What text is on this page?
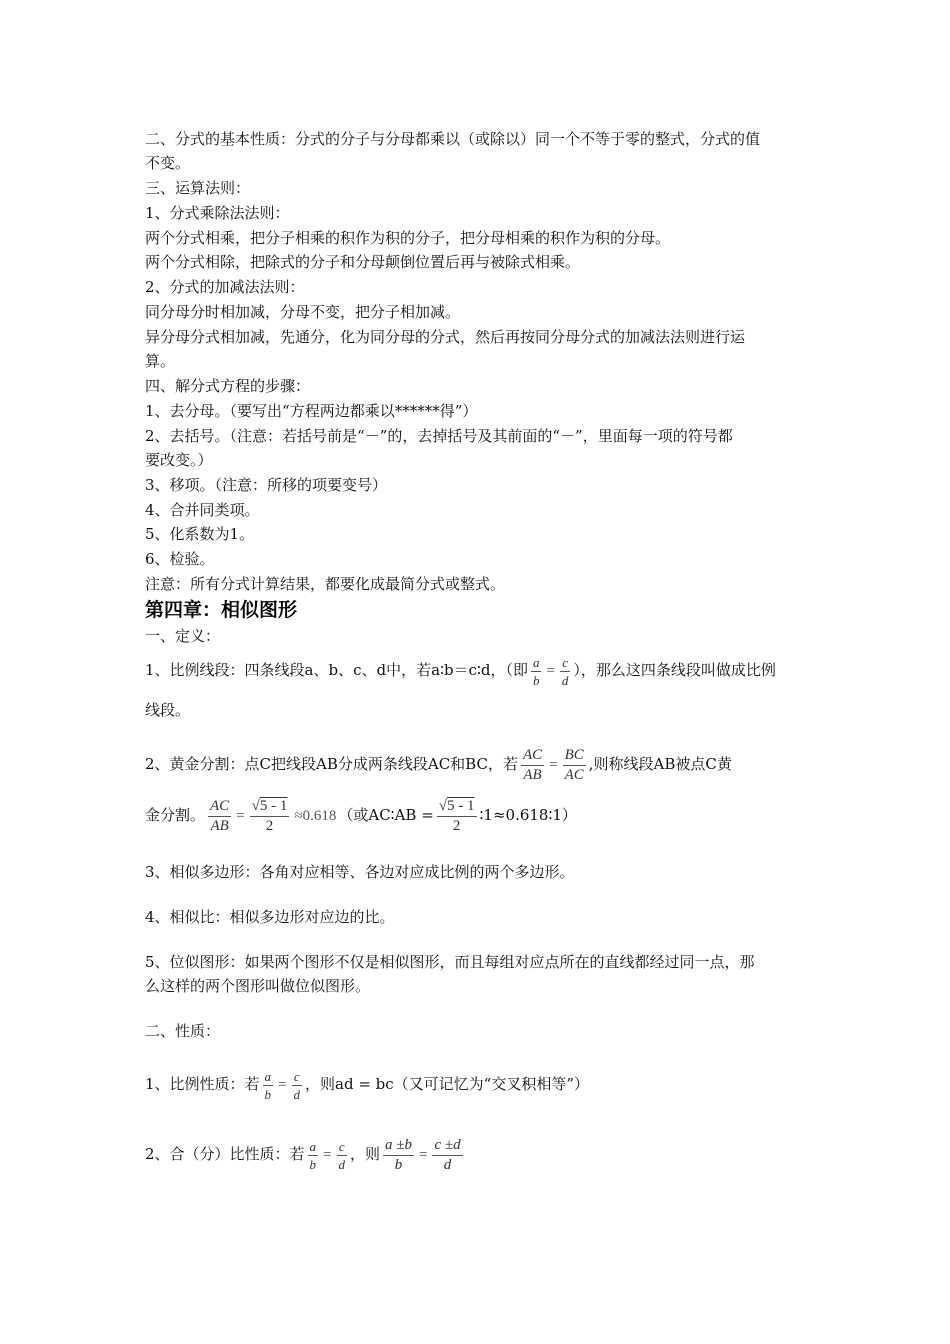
二、分式的基本性质：分式的分子与分母都乘以（或除以）同一个不等于零的整式，分式的值
不变。
三、运算法则：
1、分式乘除法法则：
两个分式相乘，把分子相乘的积作为积的分子，把分母相乘的积作为积的分母。
两个分式相除，把除式的分子和分母颠倒位置后再与被除式相乘。
2、分式的加减法法则：
同分母分时相加减，分母不变，把分子相加减。
异分母分式相加减，先通分，化为同分母的分式，然后再按同分母分式的加减法法则进行运
算。
四、解分式方程的步骤：
1、去分母。（要写出“方程两边都乘以******得”）
2、去括号。（注意：若括号前是“－”的，去掉括号及其前面的“－”，里面每一项的符号都
要改变。）
3、移项。（注意：所移的项要变号）
4、合并同类项。
5、化系数为1。
6、检验。
注意：所有分式计算结果，都要化成最简分式或整式。
第四章：相似图形
一、定义：
1、比例线段：四条线段a、b、c、d中，若a∶b＝c∶d，（即 $\frac{a}{b} = \frac{c}{d}$ ），那么这四条线段叫做成比例
线段。
2、黄金分割：点C把线段AB分成两条线段AC和BC，若 $\frac{AC}{AB} = \frac{BC}{AC}$ ,则称线段AB被点C黄
金分割。 $\frac{AC}{AB} = \frac{√5 - 1}{2} \approx 0.618$ （或AC∶AB = $\frac{√5 - 1}{2}$ ∶1≈0.618∶1）
3、相似多边形：各角对应相等、各边对应成比例的两个多边形。
4、相似比：相似多边形对应边的比。
5、位似图形：如果两个图形不仅是相似图形，而且每组对应点所在的直线都经过同一点，那
么这样的两个图形叫做位似图形。
二、性质：
1、比例性质：若 $\frac{a}{b} = \frac{c}{d}$ ，则ad = bc（又可记忆为“交叉积相等”）
2、合（分）比性质：若 $\frac{a}{b} = \frac{c}{d}$ ，则 $\frac{a \pm b}{b} = \frac{c \pm d}{d}$
